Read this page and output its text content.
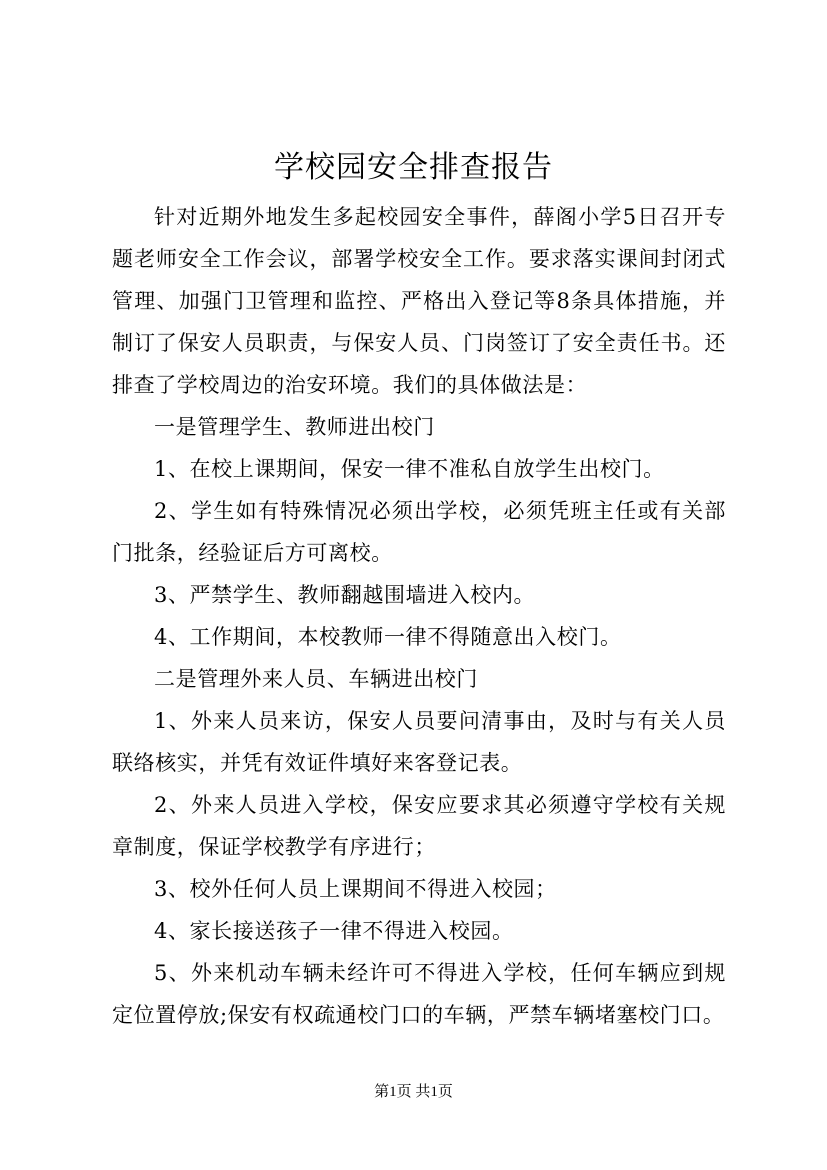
学校园安全排查报告

针对近期外地发生多起校园安全事件，薛阁小学5日召开专题老师安全工作会议，部署学校安全工作。要求落实课间封闭式管理、加强门卫管理和监控、严格出入登记等8条具体措施，并制订了保安人员职责，与保安人员、门岗签订了安全责任书。还排查了学校周边的治安环境。我们的具体做法是：

一是管理学生、教师进出校门

1、在校上课期间，保安一律不准私自放学生出校门。

2、学生如有特殊情况必须出学校，必须凭班主任或有关部门批条，经验证后方可离校。

3、严禁学生、教师翻越围墙进入校内。

4、工作期间，本校教师一律不得随意出入校门。

二是管理外来人员、车辆进出校门

1、外来人员来访，保安人员要问清事由，及时与有关人员联络核实，并凭有效证件填好来客登记表。

2、外来人员进入学校，保安应要求其必须遵守学校有关规章制度，保证学校教学有序进行；

3、校外任何人员上课期间不得进入校园；

4、家长接送孩子一律不得进入校园。

5、外来机动车辆未经许可不得进入学校，任何车辆应到规定位置停放;保安有权疏通校门口的车辆，严禁车辆堵塞校门口。

第1页 共1页
